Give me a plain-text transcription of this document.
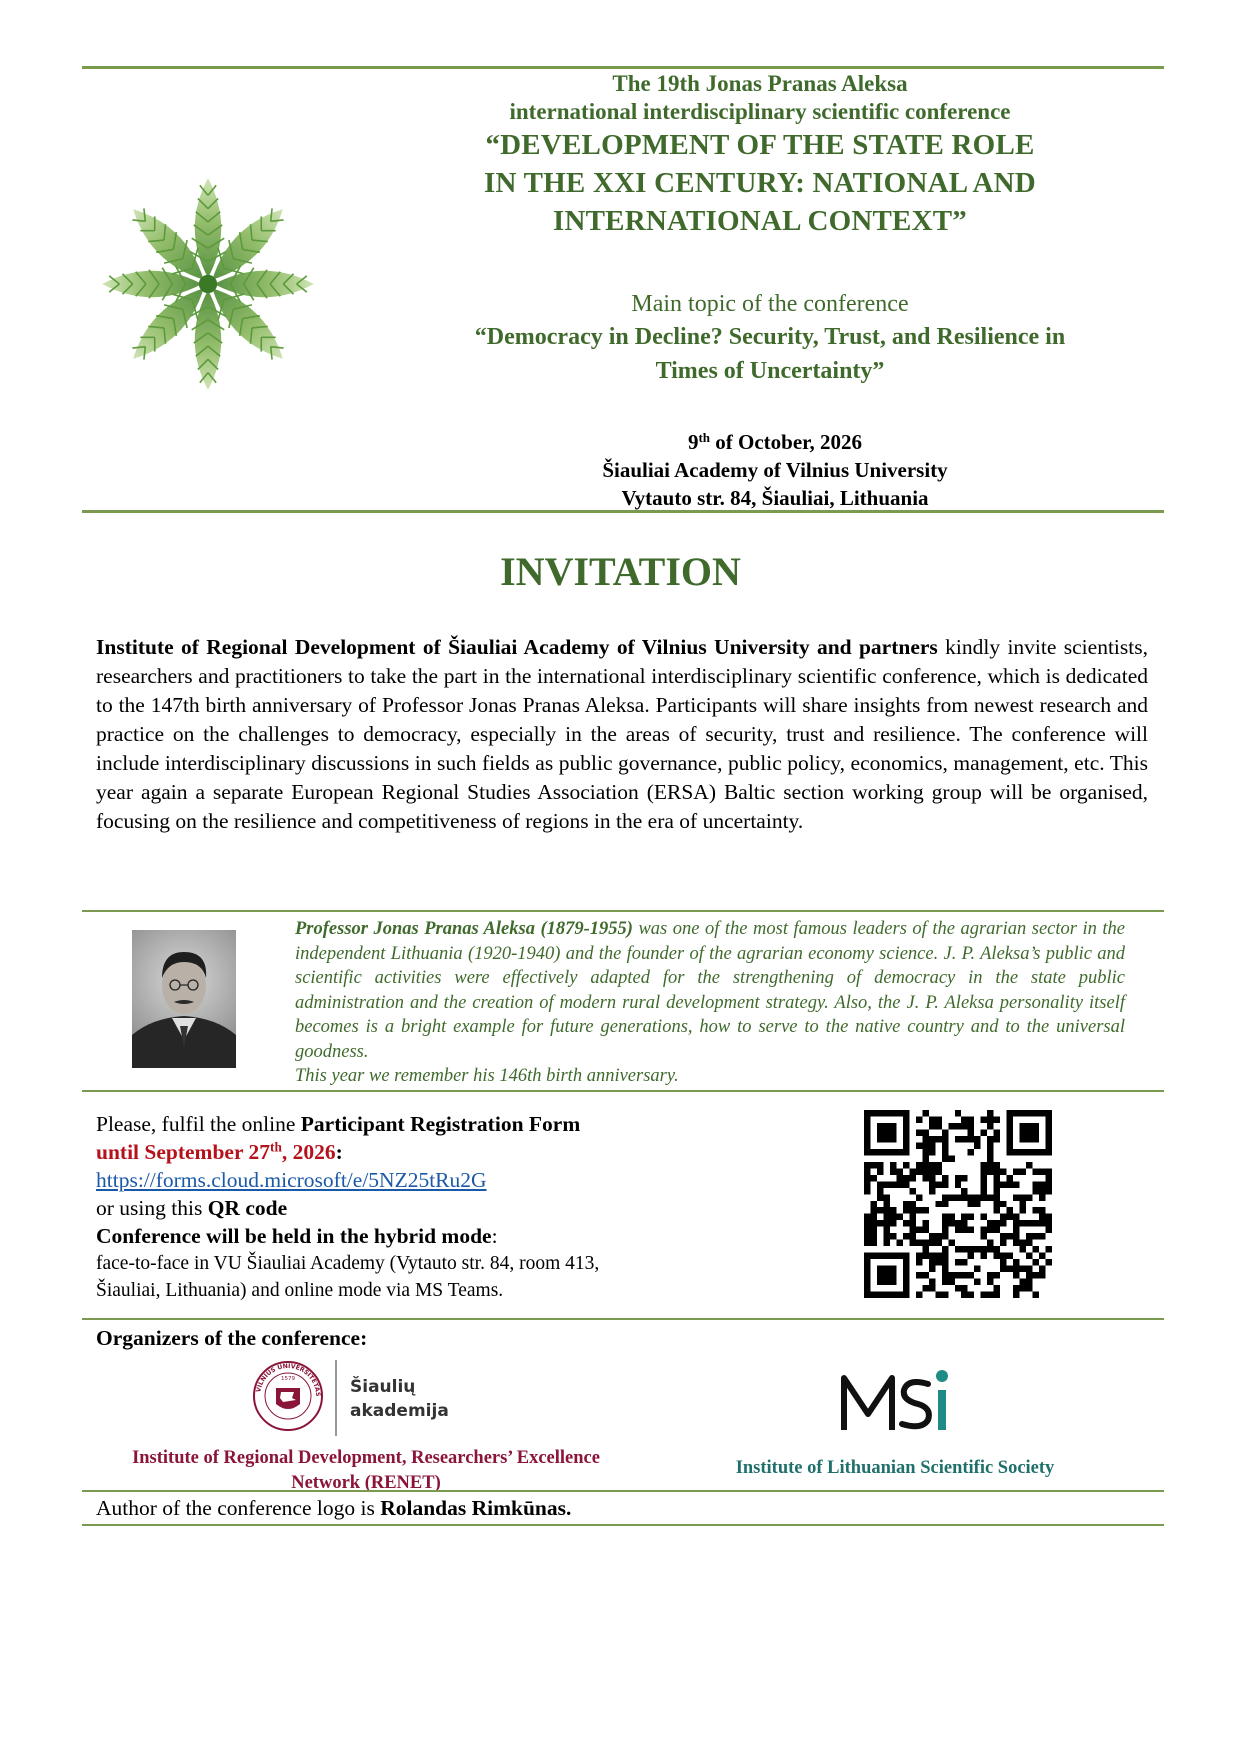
The 19th Jonas Pranas Aleksa
international interdisciplinary scientific conference
“DEVELOPMENT OF THE STATE ROLE
IN THE XXI CENTURY: NATIONAL AND
INTERNATIONAL CONTEXT”
Main topic of the conference
“Democracy in Decline? Security, Trust, and Resilience in
Times of Uncertainty”
9th of October, 2026
Šiauliai Academy of Vilnius University
Vytauto str. 84, Šiauliai, Lithuania
INVITATION
Institute of Regional Development of Šiauliai Academy of Vilnius University and partners kindly invite scientists, researchers and practitioners to take the part in the international interdisciplinary scientific conference, which is dedicated to the 147th birth anniversary of Professor Jonas Pranas Aleksa. Participants will share insights from newest research and practice on the challenges to democracy, especially in the areas of security, trust and resilience. The conference will include interdisciplinary discussions in such fields as public governance, public policy, economics, management, etc. This year again a separate European Regional Studies Association (ERSA) Baltic section working group will be organised, focusing on the resilience and competitiveness of regions in the era of uncertainty.
Professor Jonas Pranas Aleksa (1879-1955) was one of the most famous leaders of the agrarian sector in the independent Lithuania (1920-1940) and the founder of the agrarian economy science. J. P. Aleksa’s public and scientific activities were effectively adapted for the strengthening of democracy in the state public administration and the creation of modern rural development strategy. Also, the J. P. Aleksa personality itself becomes is a bright example for future generations, how to serve to the native country and to the universal goodness.
This year we remember his 146th birth anniversary.
Please, fulfil the online Participant Registration Form
until September 27th, 2026:
https://forms.cloud.microsoft/e/5NZ25tRu2G
or using this QR code
Conference will be held in the hybrid mode:
face-to-face in VU Šiauliai Academy (Vytauto str. 84, room 413,
Šiauliai, Lithuania) and online mode via MS Teams.
Organizers of the conference:
VILNIUS UNIVERSITETAS
1579	Šiaulių
akademija
Institute of Regional Development, Researchers’ Excellence
Network (RENET)
Institute of Lithuanian Scientific Society
Author of the conference logo is Rolandas Rimkūnas.
